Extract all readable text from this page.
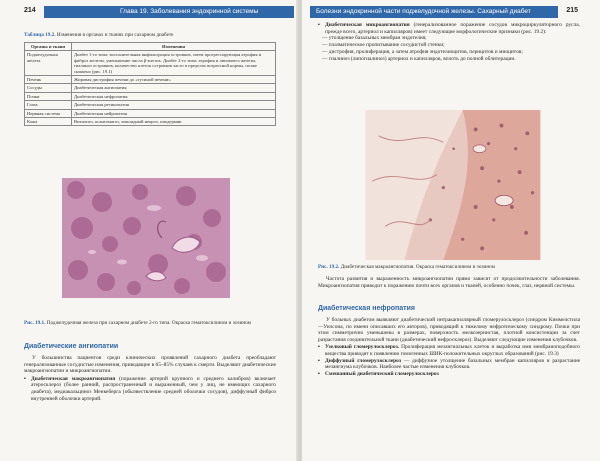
214	Глава 19. Заболевания эндокринной системы
Таблица 19.2. Изменения в органах и тканях при сахарном диабете
Органы и ткани	Изменения
Поджелудочная железа	Диабет 1-го типа: воспалительная инфильтрация островков, затем прогрессирующая атрофия и фиброз железы, уменьшение числа β-клеток. Диабет 2-го типа: атрофия и липоматоз железы, гиалиноз островков, количество клеток островков часто в пределах возрастной нормы, позже снижено (рис. 19.1)
Печень	Жировая дистрофия печени до «гусиной печени»
Сосуды	Диабетическая ангиопатия
Почки	Диабетическая нефропатия
Глаза	Диабетическая ретинопатия
Нервная система	Диабетическая нейропатия
Кожа	Витилиго, ксантоматоз, липоидный некроз, пиодермии
Рис. 19.1. Поджелудочная железа при сахарном диабете 2-го типа. Окраска гематоксилином и эозином
Диабетические ангиопатии

У большинства пациентов среди клинических проявлений сахарного диабета преобладают генерализованные сосудистые изменения, приводящие в 65–85% случаев к смерти. Выделяют диабетические макроангиопатии и микроангиопатии.

▪ Диабетическая макроангиопатия (поражение артерий крупного и среднего калибров) включает атеросклероз (более ранний, распространенный и выраженный, чем у лиц, не имеющих сахарного диабета), медиакальциноз Менкеберга (обызвествление средней оболочки сосудов), диффузный фиброз внутренней оболочки артерий.
215
Болезни эндокринной части поджелудочной железы. Сахарный диабет
▪ Диабетическая микроангиопатия (генерализованное поражение сосудов микроциркуляторного русла, прежде всего, артериол и капилляров) имеет следующие морфологические признаки (рис. 19.2):
— утолщение базальных мембран эндотелия;
— плазматическое пропитывание сосудистой стенки;
— дистрофия, пролиферация, а затем атрофия эндотелиоцитов, перицитов и миоцитов;
— гиалиноз (липогиалиноз) артериол и капилляров, вплоть до полной облитерации.
Рис. 19.2. Диабетическая макроангиопатия. Окраска гематоксилином и эозином

Частота развития и выраженность микроангиопатии прямо зависят от продолжительности заболевания. Микроангиопатия приводит к поражению почти всех органов и тканей, особенно почек, глаз, нервной системы.

Диабетическая нефропатия

У больных диабетом выявляют диабетический интракапиллярный гломерулосклероз (синдром Киммелстила—Уилсона, по имени описавших его авторов), приводящий к тяжелому нефротическому синдрому. Почки при этом симметрично уменьшены в размерах, поверхность мелкозернистая, плотной консистенции за счет разрастания соединительной ткани (диабетический нефросклероз). Выделяют следующие изменения клубочков.

▪ Узелковый гломерулосклероз. Пролиферация мезангиальных клеток и выработка ими мембраноподобного вещества приводят к появлению гомогенных ШИК-положительных округлых образований (рис. 19.3)
▪ Диффузный гломерулосклероз — диффузное утолщение базальных мембран капилляров и разрастание мезангиума клубочков. Наиболее частые изменения клубочков.
▪ Смешанный диабетический гломерулосклероз
